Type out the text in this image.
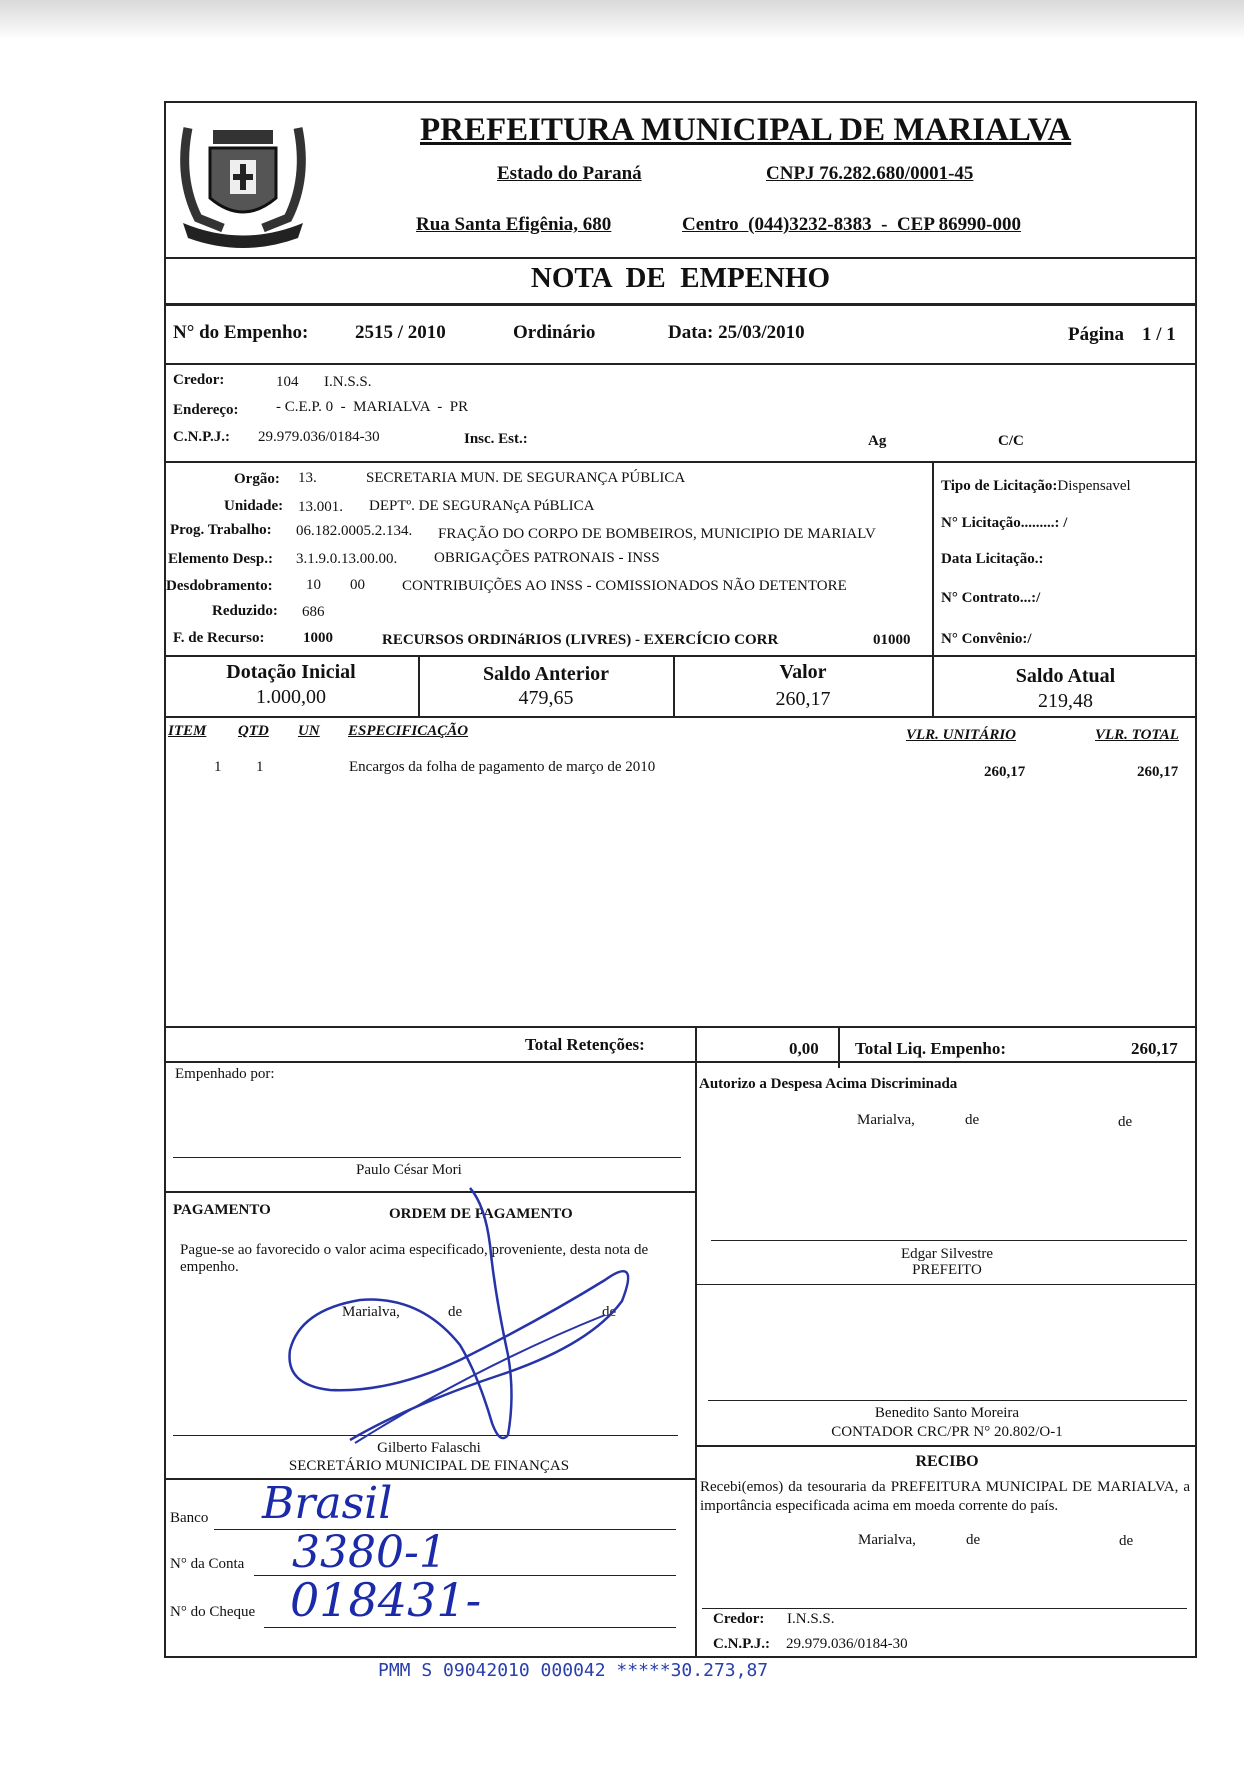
PREFEITURA MUNICIPAL DE MARIALVA
Estado do Paraná	CNPJ 76.282.680/0001-45
Rua Santa Efigênia, 680	Centro  (044)3232-8383  -  CEP 86990-000
NOTA  DE  EMPENHO
N° do Empenho: 2515 / 2010	Ordinário	Data: 25/03/2010	Página 1 / 1
Credor:	104 I.N.S.S.
Endereço: - C.E.P. 0  -  MARIALVA  -  PR
C.N.P.J.: 29.979.036/0184-30	Insc. Est.:	Ag	C/C
Orgão: 13.	SECRETARIA MUN. DE SEGURANÇA PÚBLICA
Unidade: 13.001. DEPTº. DE SEGURANçA PúBLICA
Prog. Trabalho: 06.182.0005.2.134. FRAÇÃO DO CORPO DE BOMBEIROS, MUNICIPIO DE MARIALV
Elemento Desp.: 3.1.9.0.13.00.00. OBRIGAÇÕES PATRONAIS - INSS
Desdobramento: 10 00 CONTRIBUIÇÕES AO INSS - COMISSIONADOS NÃO DETENTORE
Reduzido: 686
F. de Recurso:	1000	RECURSOS ORDINáRIOS (LIVRES) - EXERCÍCIO CORR	01000
Tipo de Licitação:Dispensavel
N° Licitação.........: /
Data Licitação.:
N° Contrato...:/
N° Convênio:/
Dotação Inicial
1.000,00
Saldo Anterior
479,65
Valor
260,17
Saldo Atual
219,48
ITEM QTD UN ESPECIFICAÇÃO	VLR. UNITÁRIO	VLR. TOTAL
1 1	Encargos da folha de pagamento de março de 2010	260,17	260,17
Total Retenções:	0,00 Total Liq. Empenho:	260,17
Empenhado por:
Paulo César Mori
Autorizo a Despesa Acima Discriminada
Marialva,	de	de
Edgar Silvestre
PREFEITO
Benedito Santo Moreira
CONTADOR CRC/PR N° 20.802/O-1
PAGAMENTO	ORDEM DE PAGAMENTO
Pague-se ao favorecido o valor acima especificado, proveniente, desta nota de empenho.
Marialva,	de	de
Gilberto Falaschi
SECRETÁRIO MUNICIPAL DE FINANÇAS
Banco Brasil
N° da Conta 3380-1
N° do Cheque 018431-
RECIBO
Recebi(emos) da tesouraria da PREFEITURA MUNICIPAL DE MARIALVA, a importância especificada acima em moeda corrente do país.
Marialva,	de	de
Credor: I.N.S.S.
C.N.P.J.: 29.979.036/0184-30
PMM S 09042010 000042 *****30.273,87
